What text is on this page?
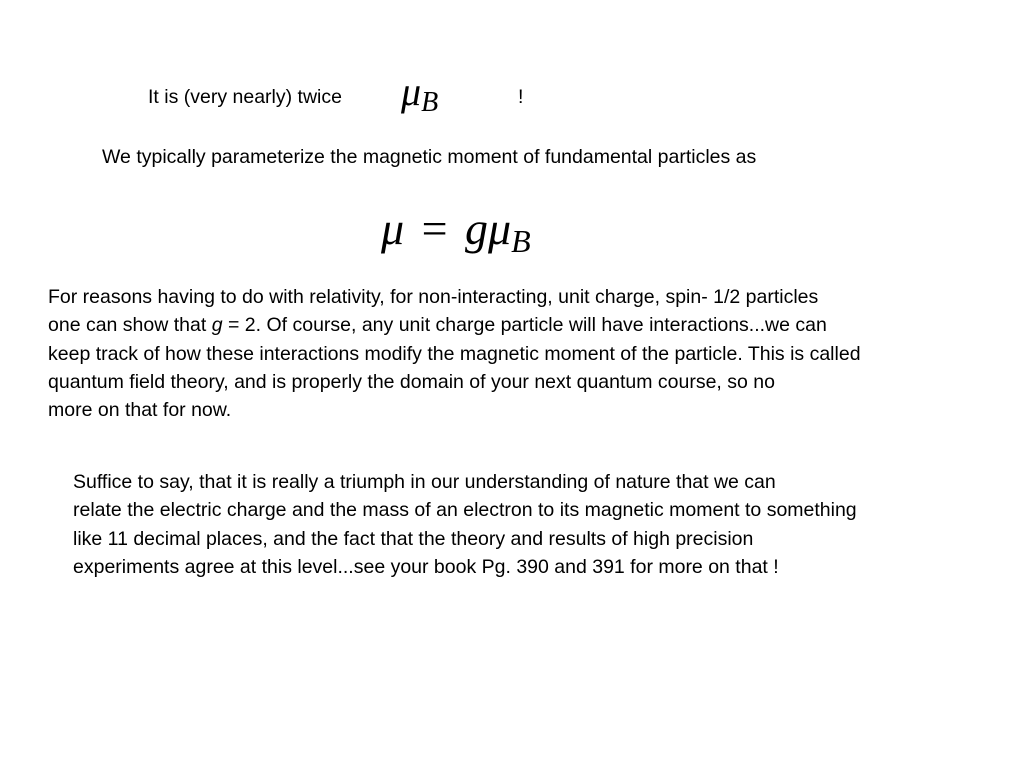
It is (very nearly) twice μB	!
We typically parameterize the magnetic moment of fundamental particles as
μ = gμB
For reasons having to do with relativity, for non-interacting, unit charge, spin- 1/2 particles
one can show that g = 2. Of course, any unit charge particle will have interactions...we can
keep track of how these interactions modify the magnetic moment of the particle. This is called
quantum field theory, and is properly the domain of your next quantum course, so no
more on that for now.
Suffice to say, that it is really a triumph in our understanding of nature that we can
relate the electric charge and the mass of an electron to its magnetic moment to something
like 11 decimal places, and the fact that the theory and results of high precision
experiments agree at this level...see your book Pg. 390 and 391 for more on that !
